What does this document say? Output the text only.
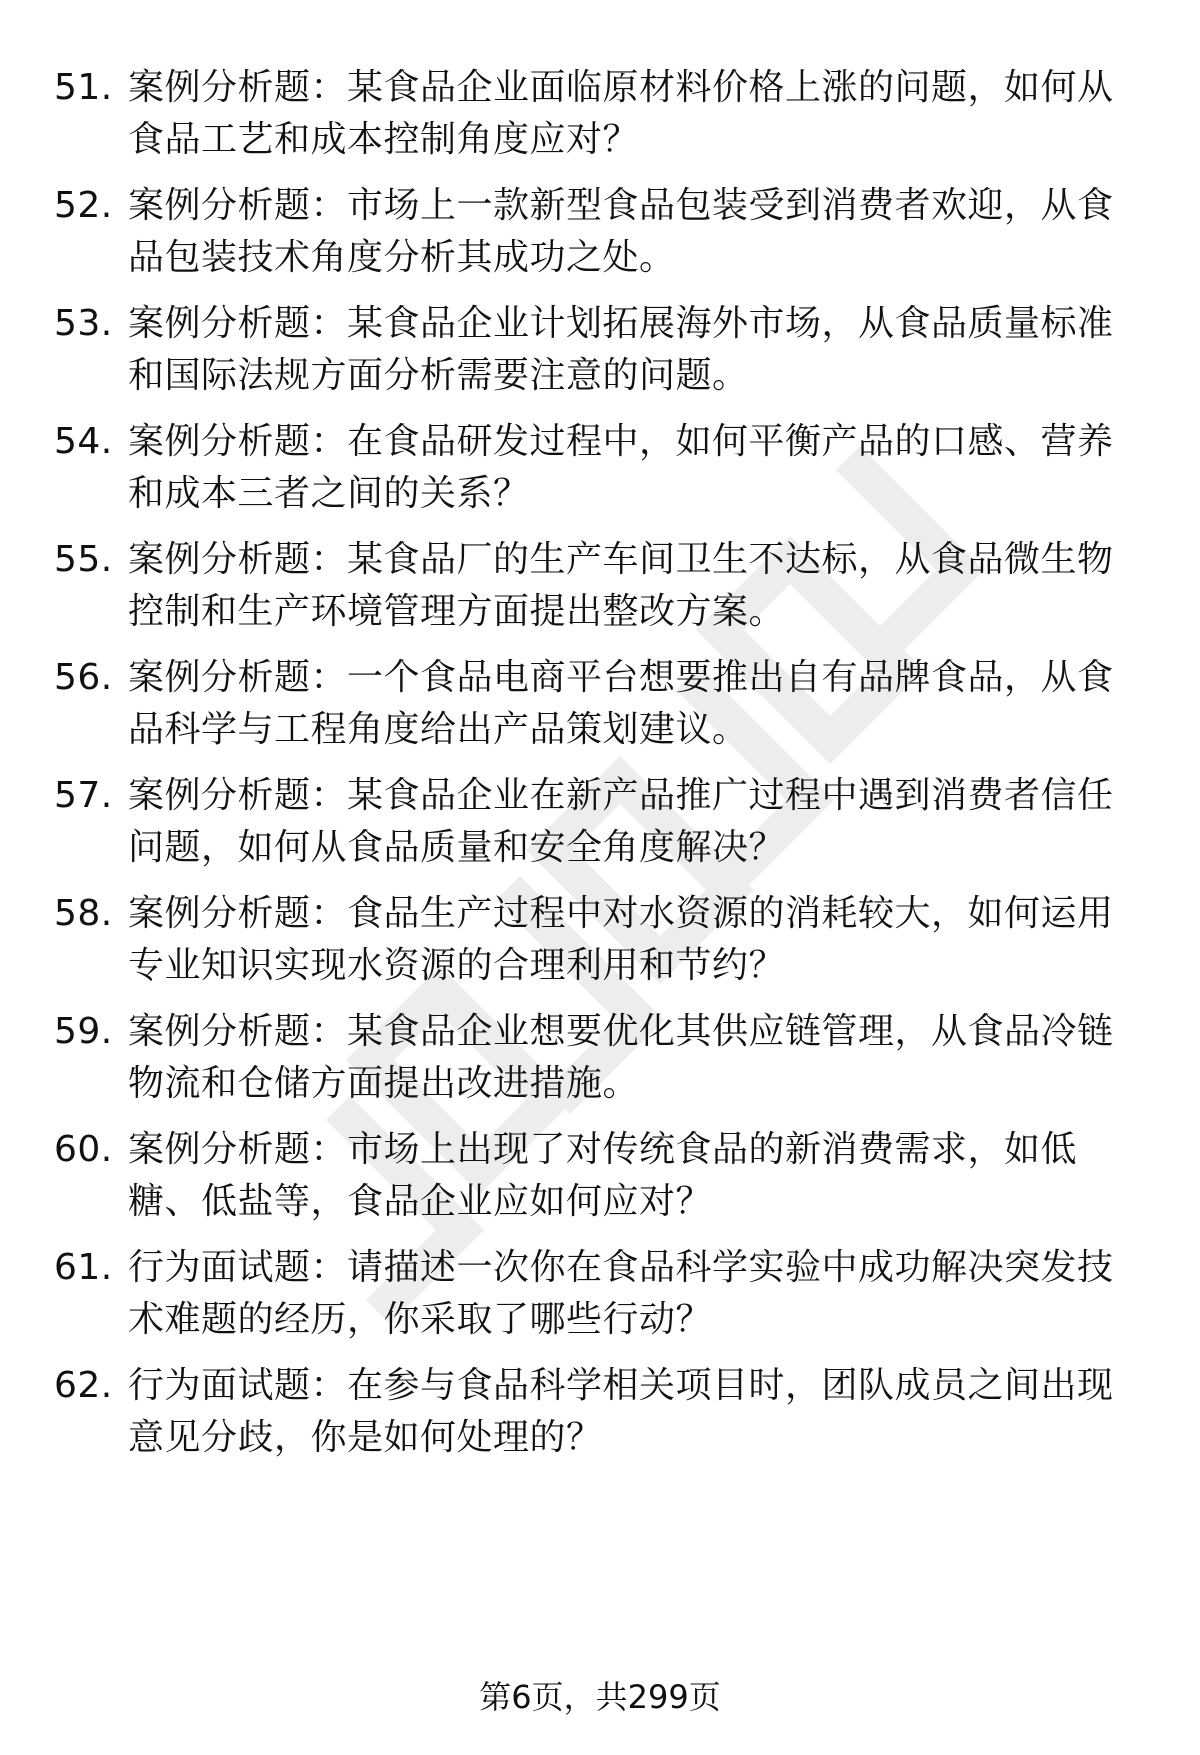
51. 案例分析题：某食品企业面临原材料价格上涨的问题，如何从食品工艺和成本控制角度应对？
52. 案例分析题：市场上一款新型食品包装受到消费者欢迎，从食品包装技术角度分析其成功之处。
53. 案例分析题：某食品企业计划拓展海外市场，从食品质量标准和国际法规方面分析需要注意的问题。
54. 案例分析题：在食品研发过程中，如何平衡产品的口感、营养和成本三者之间的关系？
55. 案例分析题：某食品厂的生产车间卫生不达标，从食品微生物控制和生产环境管理方面提出整改方案。
56. 案例分析题：一个食品电商平台想要推出自有品牌食品，从食品科学与工程角度给出产品策划建议。
57. 案例分析题：某食品企业在新产品推广过程中遇到消费者信任问题，如何从食品质量和安全角度解决？
58. 案例分析题：食品生产过程中对水资源的消耗较大，如何运用专业知识实现水资源的合理利用和节约？
59. 案例分析题：某食品企业想要优化其供应链管理，从食品冷链物流和仓储方面提出改进措施。
60. 案例分析题：市场上出现了对传统食品的新消费需求，如低糖、低盐等，食品企业应如何应对？
61. 行为面试题：请描述一次你在食品科学实验中成功解决突发技术难题的经历，你采取了哪些行动？
62. 行为面试题：在参与食品科学相关项目时，团队成员之间出现意见分歧，你是如何处理的？
第6页，共299页
